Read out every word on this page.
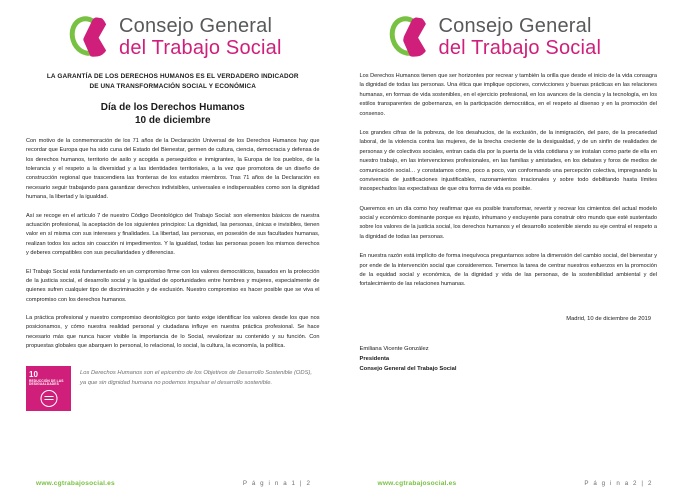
Consejo General
del Trabajo Social
LA GARANTÍA DE LOS DERECHOS HUMANOS ES EL VERDADERO INDICADOR DE UNA TRANSFORMACIÓN SOCIAL Y ECONÓMICA
Día de los Derechos Humanos
10 de diciembre

Con motivo de la conmemoración de los 71 años de la Declaración Universal de los Derechos Humanos hay que recordar que Europa que ha sido cuna del Estado del Bienestar, germen de cultura, ciencia, democracia y defensa de los derechos humanos, territorio de asilo y acogida a perseguidos e inmigrantes, la Europa de los pueblos, de la tolerancia y el respeto a la diversidad y a las identidades territoriales, a la vez que promotora de un diseño de construcción regional que trascendiera las fronteras de los estados miembros. Tras 71 años de la Declaración es necesario seguir trabajando para garantizar derechos indivisibles, universales e indispensables como son la dignidad humana, la libertad y la igualdad.

Así se recoge en el artículo 7 de nuestro Código Deontológico del Trabajo Social: son elementos básicos de nuestra actuación profesional, la aceptación de los siguientes principios: La dignidad, las personas, únicas e invisibles, tienen valor en sí misma con sus intereses y finalidades. La libertad, las personas, en posesión de sus facultades humanas, realizan todos los actos sin coacción ni impedimentos. Y la igualdad, todas las personas posen los mismos derechos y deberes compatibles con sus peculiaridades y diferencias.

El Trabajo Social está fundamentado en un compromiso firme con los valores democráticos, basados en la protección de la justicia social, el desarrollo social y la igualdad de oportunidades entre hombres y mujeres, especialmente de quienes sufren cualquier tipo de discriminación y de exclusión. Nuestro compromiso es hacer posible que se viva el compromiso con los derechos humanos.

La práctica profesional y nuestro compromiso deontológico por tanto exige identificar los valores desde los que nos posicionamos, y cómo nuestra realidad personal y ciudadana influye en nuestra práctica profesional. Se hace necesario más que nunca hacer visible la importancia de lo Social, revalorizar su contenido y su función. Con propuestas globales que abarquen lo personal, lo relacional, lo social, la cultura, la economía, la política.

10
REDUCCIÓN DE LAS DESIGUALDADES
Los Derechos Humanos son el epicentro de los Objetivos de Desarrollo Sostenible (ODS), ya que sin dignidad humana no podemos impulsar el desarrollo sostenible.
www.cgtrabajosocial.es	P á g i n a 1 | 2
Consejo General
del Trabajo Social

Los Derechos Humanos tienen que ser horizontes por recrear y también la orilla que desde el inicio de la vida consagra la dignidad de todas las personas. Una ética que implique opciones, convicciones y buenas prácticas en las relaciones humanas, en formas de vida sostenibles, en el ejercicio profesional, en los avances de la ciencia y la tecnología, en los estilos transparentes de gobernanza, en la participación democrática, en el respeto al disenso y en la promoción del consenso.

Los grandes cifras de la pobreza, de los desahucios, de la exclusión, de la inmigración, del paro, de la precariedad laboral, de la violencia contra las mujeres, de la brecha creciente de la desigualdad, y de un sinfín de realidades de personas y de colectivos sociales, entran cada día por la puerta de la vida cotidiana y se instalan como parte de ella en nuestro trabajo, en las intervenciones profesionales, en las familias y amistades, en los debates y foros de medios de comunicación social… y constatamos cómo, poco a poco, van conformando una percepción colectiva, impregnando la convivencia de justificaciones injustificables, razonamientos irracionales y sobre todo debilitando hasta límites insospechados las expectativas de que otra forma de vida es posible.

Queremos en un día como hoy reafirmar que es posible transformar, revertir y recrear los cimientos del actual modelo social y económico dominante porque es injusto, inhumano y excluyente para construir otro mundo que esté sustentado sobre los valores de la justicia social, los derechos humanos y el desarrollo sostenible siendo su eje central el respeto a la dignidad de todas las personas.

En nuestra razón está implícito de forma inequívoca preguntarnos sobre la dimensión del cambio social, del bienestar y por ende de la intervención social que consideremos. Tenemos la tarea de centrar nuestros esfuerzos en la promoción de la equidad social y económica, de la dignidad y vida de las personas, de la sostenibilidad ambiental y del fortalecimiento de las relaciones humanas.

Madrid, 10 de diciembre de 2019
Emiliana Vicente González
Presidenta
Consejo General del Trabajo Social
www.cgtrabajosocial.es	P á g i n a 2 | 2
